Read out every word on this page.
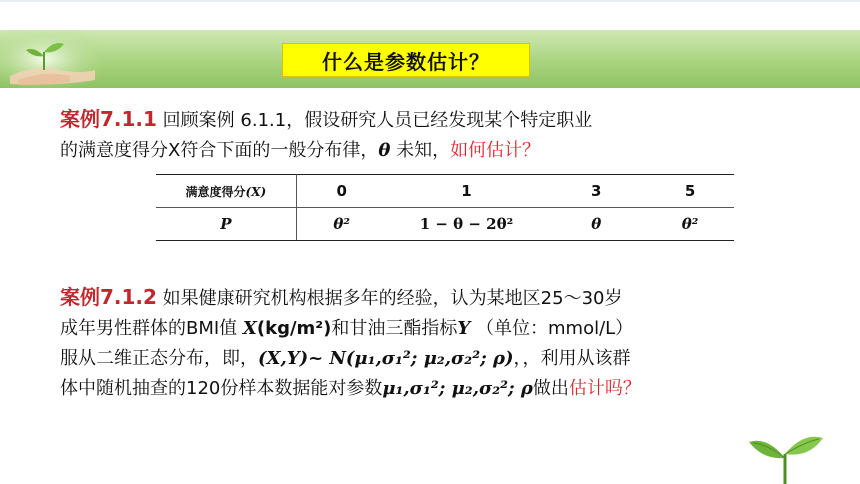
什么是参数估计？
案例7.1.1 回顾案例 6.1.1，假设研究人员已经发现某个特定职业
的满意度得分X符合下面的一般分布律，θ 未知，如何估计？
满意度得分(X)	0	1	3	5
P	θ²	1 − θ − 2θ²	θ	θ²
案例7.1.2 如果健康研究机构根据多年的经验，认为某地区25～30岁
成年男性群体的BMI值 X(kg/m²)和甘油三酯指标Y （单位：mmol/L）
服从二维正态分布，即，(X,Y)~ N(μ₁,σ₁²; μ₂,σ₂²; ρ)，，利用从该群
体中随机抽查的120份样本数据能对参数μ₁,σ₁²; μ₂,σ₂²; ρ做出估计吗？
